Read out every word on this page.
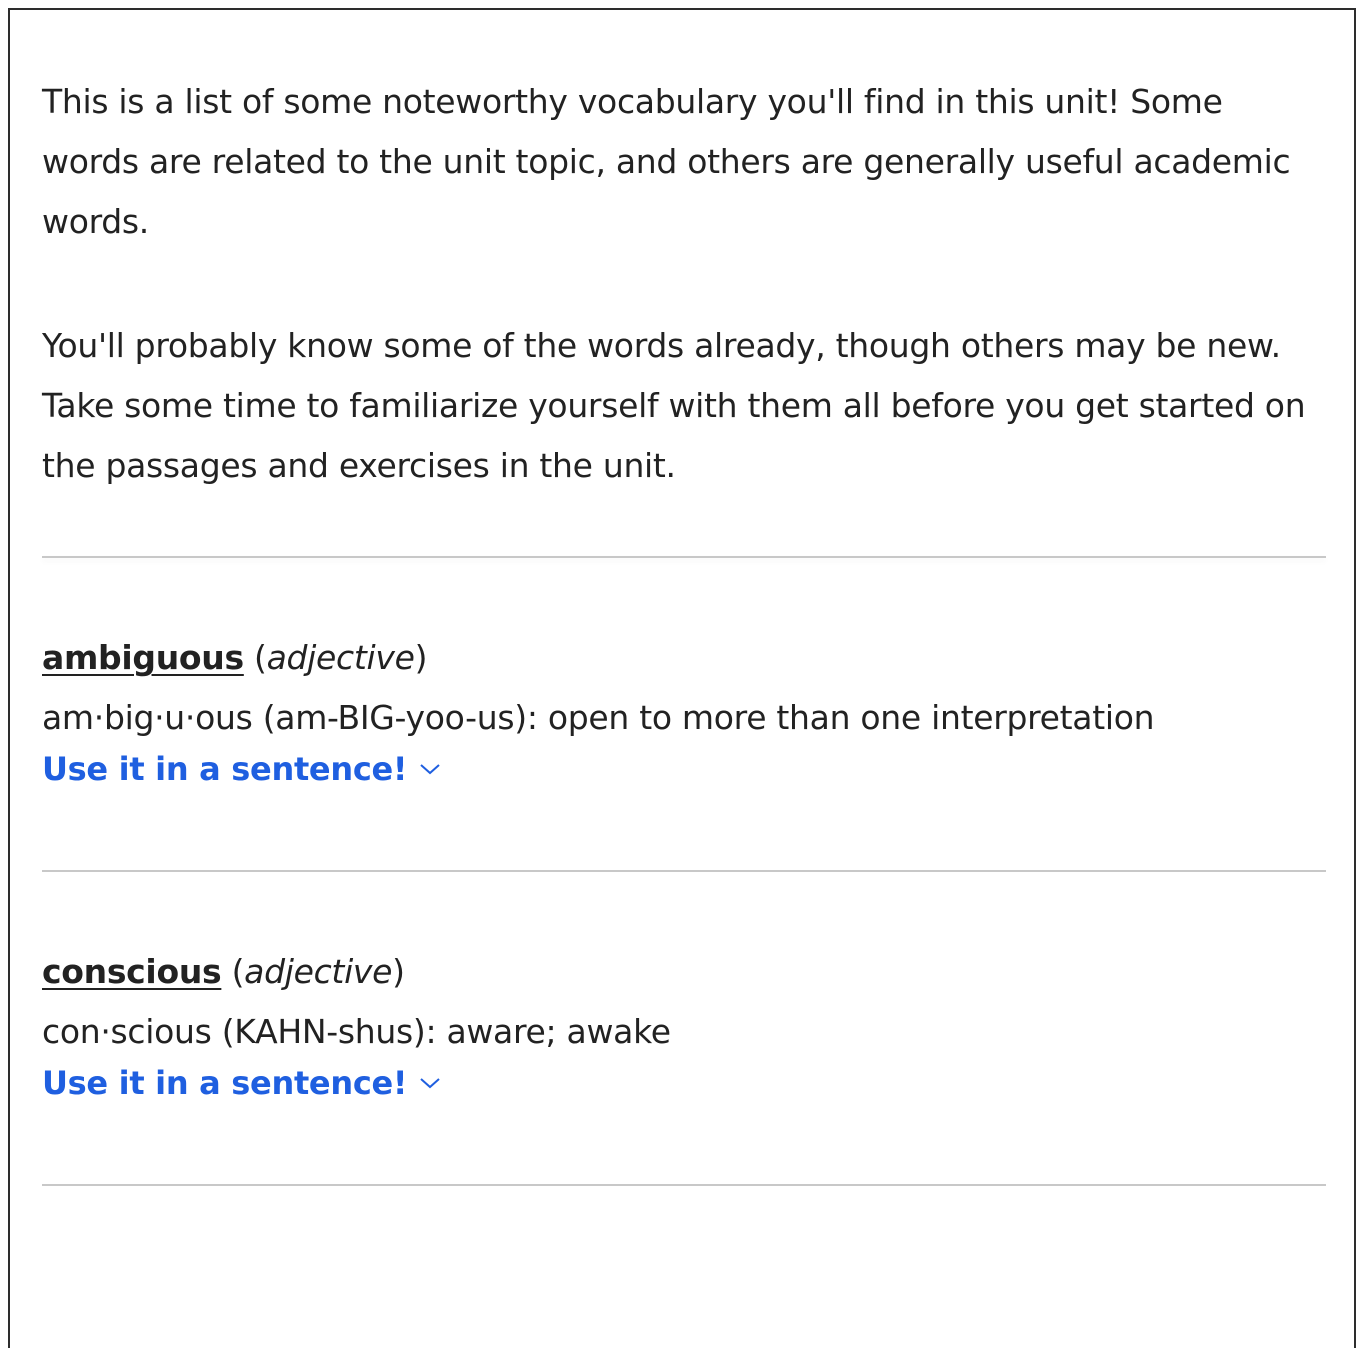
This is a list of some noteworthy vocabulary you'll find in this unit! Some words are related to the unit topic, and others are generally useful academic words.

You'll probably know some of the words already, though others may be new. Take some time to familiarize yourself with them all before you get started on the passages and exercises in the unit.

ambiguous (adjective)
am·big·u·ous (am-BIG-yoo-us): open to more than one interpretation
Use it in a sentence!
conscious (adjective)
con·scious (KAHN-shus): aware; awake
Use it in a sentence!
